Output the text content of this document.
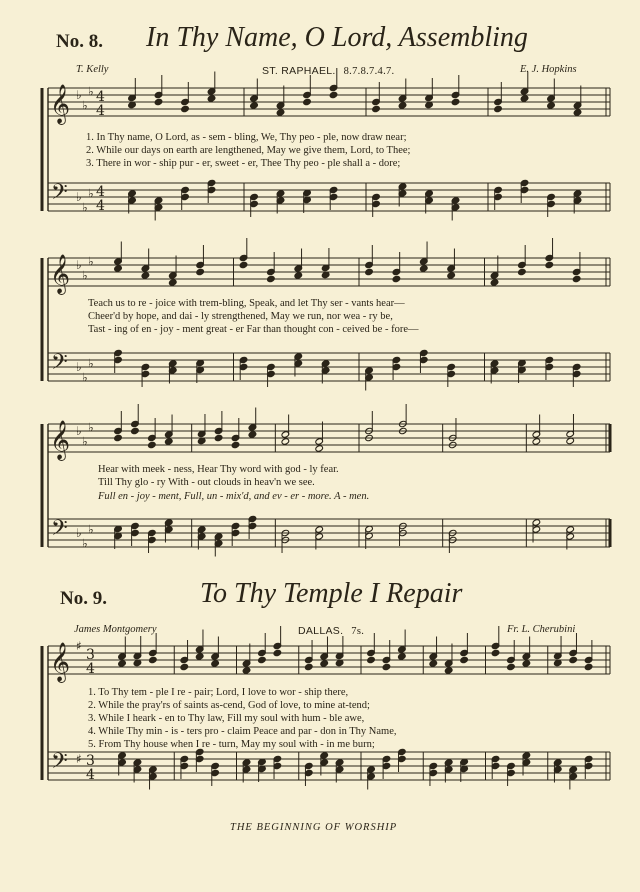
No. 8. In Thy Name, O Lord, Assembling
T. Kelly	ST. RAPHAEL. 8.7.8.7.4.7.	E. J. Hopkins
𝄞
𝄢
♭
♭
♭
♭
♭
♭
4
4
4
4
1. In Thy name, O Lord, as - sem - bling, We, Thy peo - ple, now draw near;
2. While our days on earth are lengthened, May we give them, Lord, to Thee;
3. There in wor - ship pur - er, sweet - er, Thee Thy peo - ple shall a - dore;
𝄞
𝄢
♭
♭
♭
♭
♭
♭
Teach us to re - joice with trem-bling, Speak, and let Thy ser - vants hear—
Cheer'd by hope, and dai - ly strengthened, May we run, nor wea - ry be,
Tast - ing of en - joy - ment great - er Far than thought con - ceived be - fore—
𝄞
𝄢
♭
♭
♭
♭
♭
♭
Hear with meek - ness, Hear Thy word with god - ly fear.
Till Thy glo - ry With - out clouds in heav'n we see.
Full en - joy - ment, Full, un - mix'd, and ev - er - more. A - men.
No. 9.	To Thy Temple I Repair
James Montgomery	DALLAS. 7s.	Fr. L. Cherubini
𝄞
𝄢
♯
♯
3
4
3
4
1. To Thy tem - ple I re - pair; Lord, I love to wor - ship there,
2. While the pray'rs of saints as-cend, God of love, to mine at-tend;
3. While I heark - en to Thy law, Fill my soul with hum - ble awe,
4. While Thy min - is - ters pro - claim Peace and par - don in Thy Name,
5. From Thy house when I re - turn, May my soul with - in me burn;
THE BEGINNING OF WORSHIP
